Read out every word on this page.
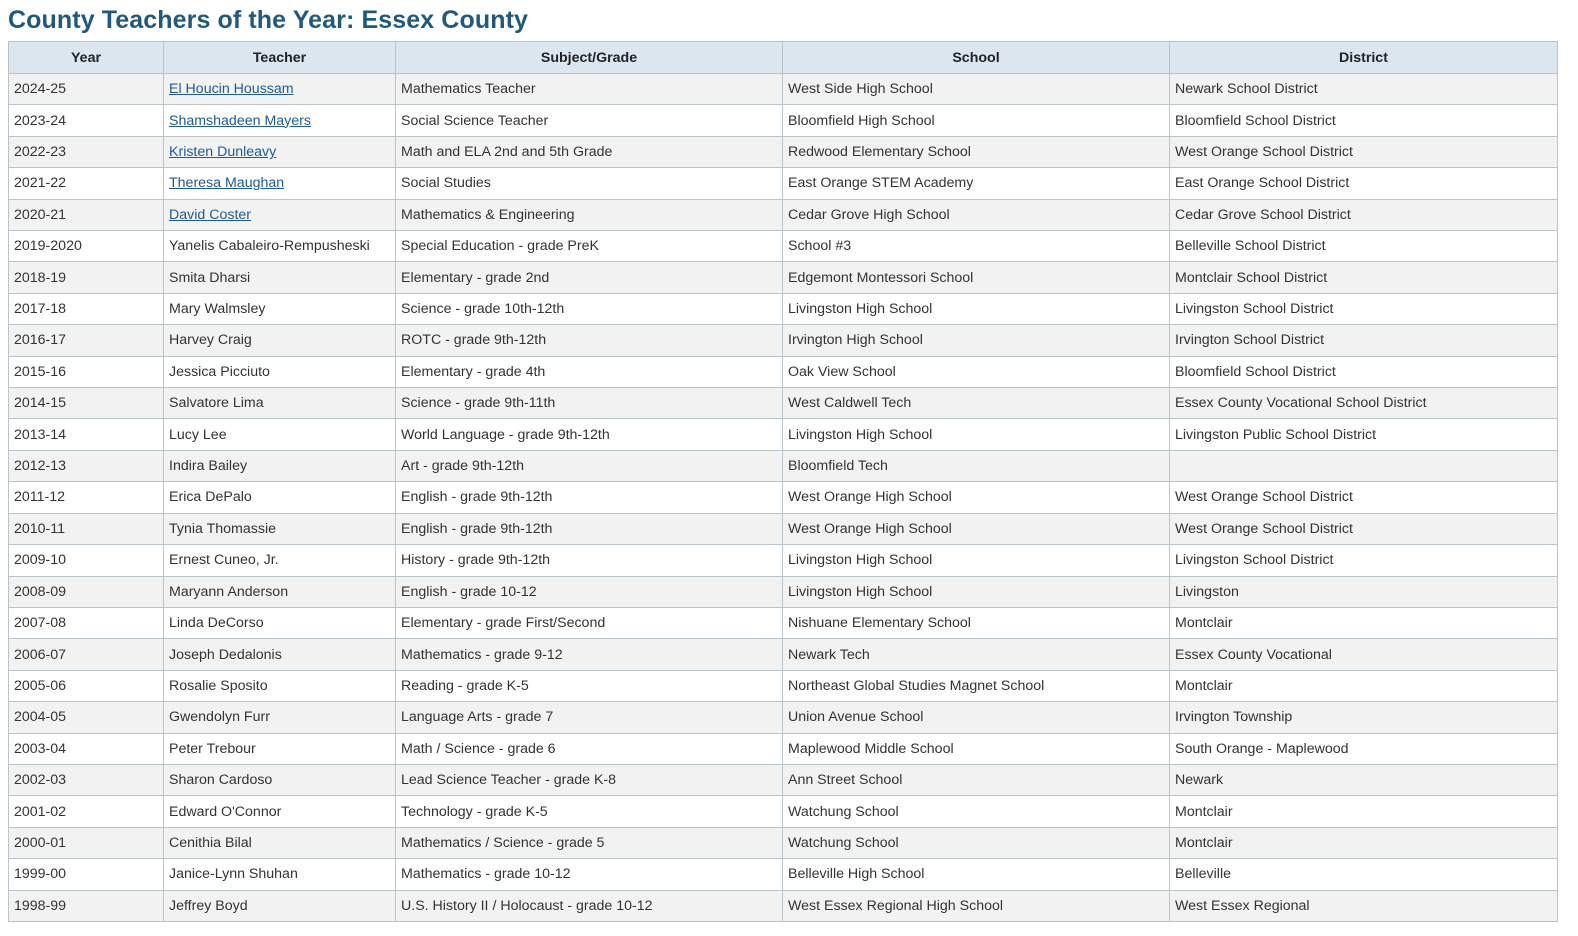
County Teachers of the Year: Essex County
Year	Teacher	Subject/Grade	School	District
2024-25	El Houcin Houssam	Mathematics Teacher	West Side High School	Newark School District
2023-24	Shamshadeen Mayers	Social Science Teacher	Bloomfield High School	Bloomfield School District
2022-23	Kristen Dunleavy	Math and ELA 2nd and 5th Grade	Redwood Elementary School	West Orange School District
2021-22	Theresa Maughan	Social Studies	East Orange STEM Academy	East Orange School District
2020-21	David Coster	Mathematics & Engineering	Cedar Grove High School	Cedar Grove School District
2019-2020	Yanelis Cabaleiro-Rempusheski	Special Education - grade PreK	School #3	Belleville School District
2018-19	Smita Dharsi	Elementary - grade 2nd	Edgemont Montessori School	Montclair School District
2017-18	Mary Walmsley	Science - grade 10th-12th	Livingston High School	Livingston School District
2016-17	Harvey Craig	ROTC - grade 9th-12th	Irvington High School	Irvington School District
2015-16	Jessica Picciuto	Elementary - grade 4th	Oak View School	Bloomfield School District
2014-15	Salvatore Lima	Science - grade 9th-11th	West Caldwell Tech	Essex County Vocational School District
2013-14	Lucy Lee	World Language - grade 9th-12th	Livingston High School	Livingston Public School District
2012-13	Indira Bailey	Art - grade 9th-12th	Bloomfield Tech	
2011-12	Erica DePalo	English - grade 9th-12th	West Orange High School	West Orange School District
2010-11	Tynia Thomassie	English - grade 9th-12th	West Orange High School	West Orange School District
2009-10	Ernest Cuneo, Jr.	History - grade 9th-12th	Livingston High School	Livingston School District
2008-09	Maryann Anderson	English - grade 10-12	Livingston High School	Livingston
2007-08	Linda DeCorso	Elementary - grade First/Second	Nishuane Elementary School	Montclair
2006-07	Joseph Dedalonis	Mathematics - grade 9-12	Newark Tech	Essex County Vocational
2005-06	Rosalie Sposito	Reading - grade K-5	Northeast Global Studies Magnet School	Montclair
2004-05	Gwendolyn Furr	Language Arts - grade 7	Union Avenue School	Irvington Township
2003-04	Peter Trebour	Math / Science - grade 6	Maplewood Middle School	South Orange - Maplewood
2002-03	Sharon Cardoso	Lead Science Teacher - grade K-8	Ann Street School	Newark
2001-02	Edward O'Connor	Technology - grade K-5	Watchung School	Montclair
2000-01	Cenithia Bilal	Mathematics / Science - grade 5	Watchung School	Montclair
1999-00	Janice-Lynn Shuhan	Mathematics - grade 10-12	Belleville High School	Belleville
1998-99	Jeffrey Boyd	U.S. History II / Holocaust - grade 10-12	West Essex Regional High School	West Essex Regional
